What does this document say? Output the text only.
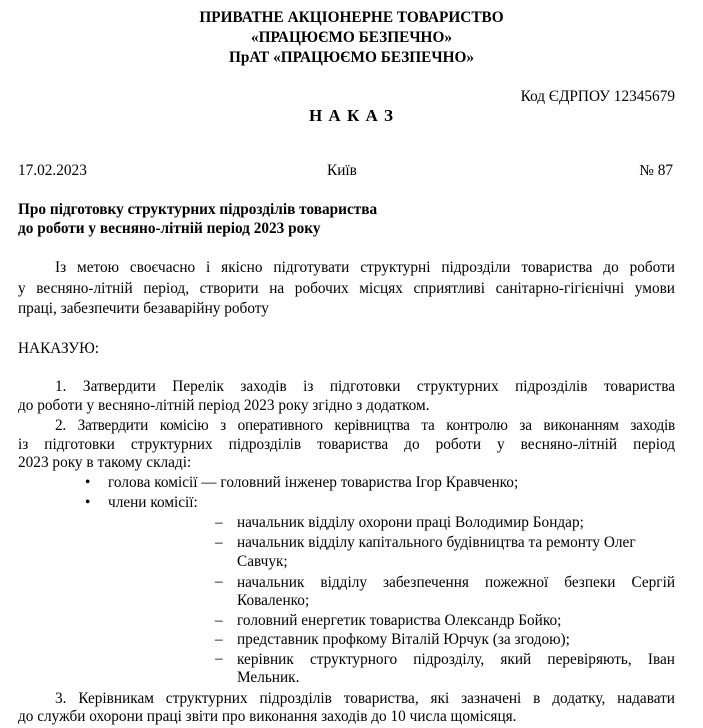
ПРИВАТНЕ АКЦІОНЕРНЕ ТОВАРИСТВО
«ПРАЦЮЄМО БЕЗПЕЧНО»
ПрАТ «ПРАЦЮЄМО БЕЗПЕЧНО»
Код ЄДРПОУ 12345679
Н А К А З
17.02.2023	Київ	№ 87
Про підготовку структурних підрозділів товариства
до роботи у весняно-літній період 2023 року
Із метою своєчасно і якісно підготувати структурні підрозділи товариства до роботи
у весняно-літній період, створити на робочих місцях сприятливі санітарно-гігієнічні умови
праці, забезпечити безаварійну роботу
НАКАЗУЮ:
1. Затвердити Перелік заходів із підготовки структурних підрозділів товариства
до роботи у весняно-літній період 2023 року згідно з додатком.
2. Затвердити комісію з оперативного керівництва та контролю за виконанням заходів
із підготовки структурних підрозділів товариства до роботи у весняно-літній період
2023 року в такому складі:
• голова комісії — головний інженер товариства Ігор Кравченко;
• члени комісії:
– начальник відділу охорони праці Володимир Бондар;
– начальник відділу капітального будівництва та ремонту Олег
Савчук;
– начальник відділу забезпечення пожежної безпеки Сергій
Коваленко;
– головний енергетик товариства Олександр Бойко;
– представник профкому Віталій Юрчук (за згодою);
– керівник структурного підрозділу, який перевіряють, Іван
Мельник.
3. Керівникам структурних підрозділів товариства, які зазначені в додатку, надавати
до служби охорони праці звіти про виконання заходів до 10 числа щомісяця.
